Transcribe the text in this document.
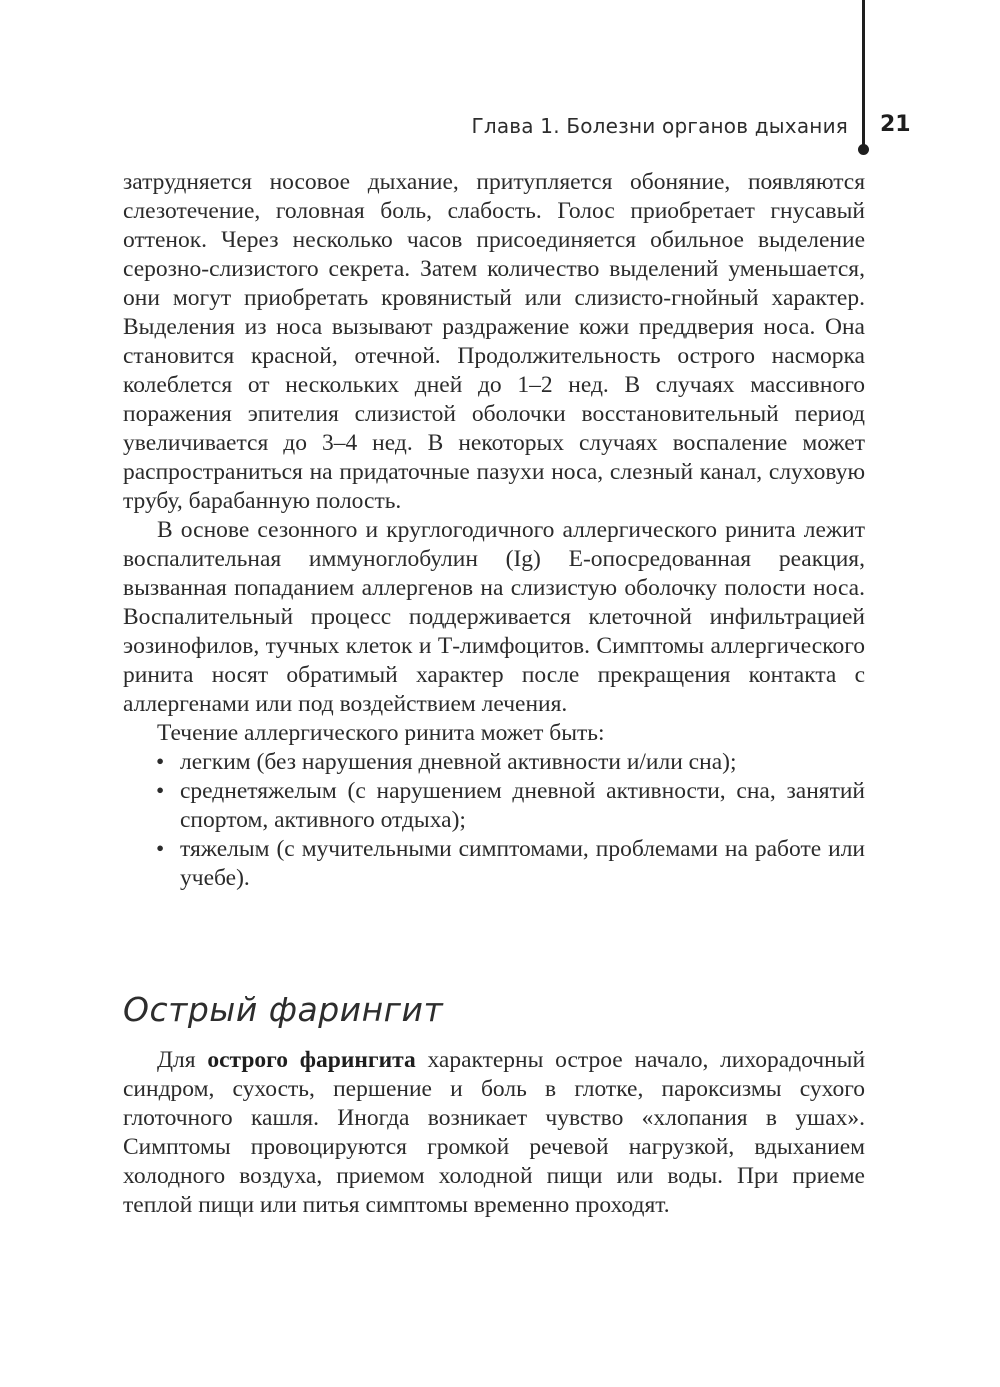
Глава 1. Болезни органов дыхания 21

затрудняется носовое дыхание, притупляется обоняние, появляются слезотечение, головная боль, слабость. Голос приобретает гнусавый оттенок. Через несколько часов присоединяется обильное выделение серозно-слизистого секрета. Затем количество выделений уменьшается, они могут приобретать кровянистый или слизисто-гнойный характер. Выделения из носа вызывают раздражение кожи преддверия носа. Она становится красной, отечной. Продолжительность острого насморка колеблется от нескольких дней до 1–2 нед. В случаях массивного поражения эпителия слизистой оболочки восстановительный период увеличивается до 3–4 нед. В некоторых случаях воспаление может распространиться на придаточные пазухи носа, слезный канал, слуховую трубу, барабанную полость.

В основе сезонного и круглогодичного аллергического ринита лежит воспалительная иммуноглобулин (Ig) E-опосредованная реакция, вызванная попаданием аллергенов на слизистую оболочку полости носа. Воспалительный процесс поддерживается клеточной инфильтрацией эозинофилов, тучных клеток и Т-лимфоцитов. Симптомы аллергического ринита носят обратимый характер после прекращения контакта с аллергенами или под воздействием лечения.

Течение аллергического ринита может быть:

• легким (без нарушения дневной активности и/или сна);
• среднетяжелым (с нарушением дневной активности, сна, занятий спортом, активного отдыха);
• тяжелым (с мучительными симптомами, проблемами на работе или учебе).
Острый фарингит

Для острого фарингита характерны острое начало, лихорадочный синдром, сухость, першение и боль в глотке, пароксизмы сухого глоточного кашля. Иногда возникает чувство «хлопания в ушах». Симптомы провоцируются громкой речевой нагрузкой, вдыханием холодного воздуха, приемом холодной пищи или воды. При приеме теплой пищи или питья симптомы временно проходят.
